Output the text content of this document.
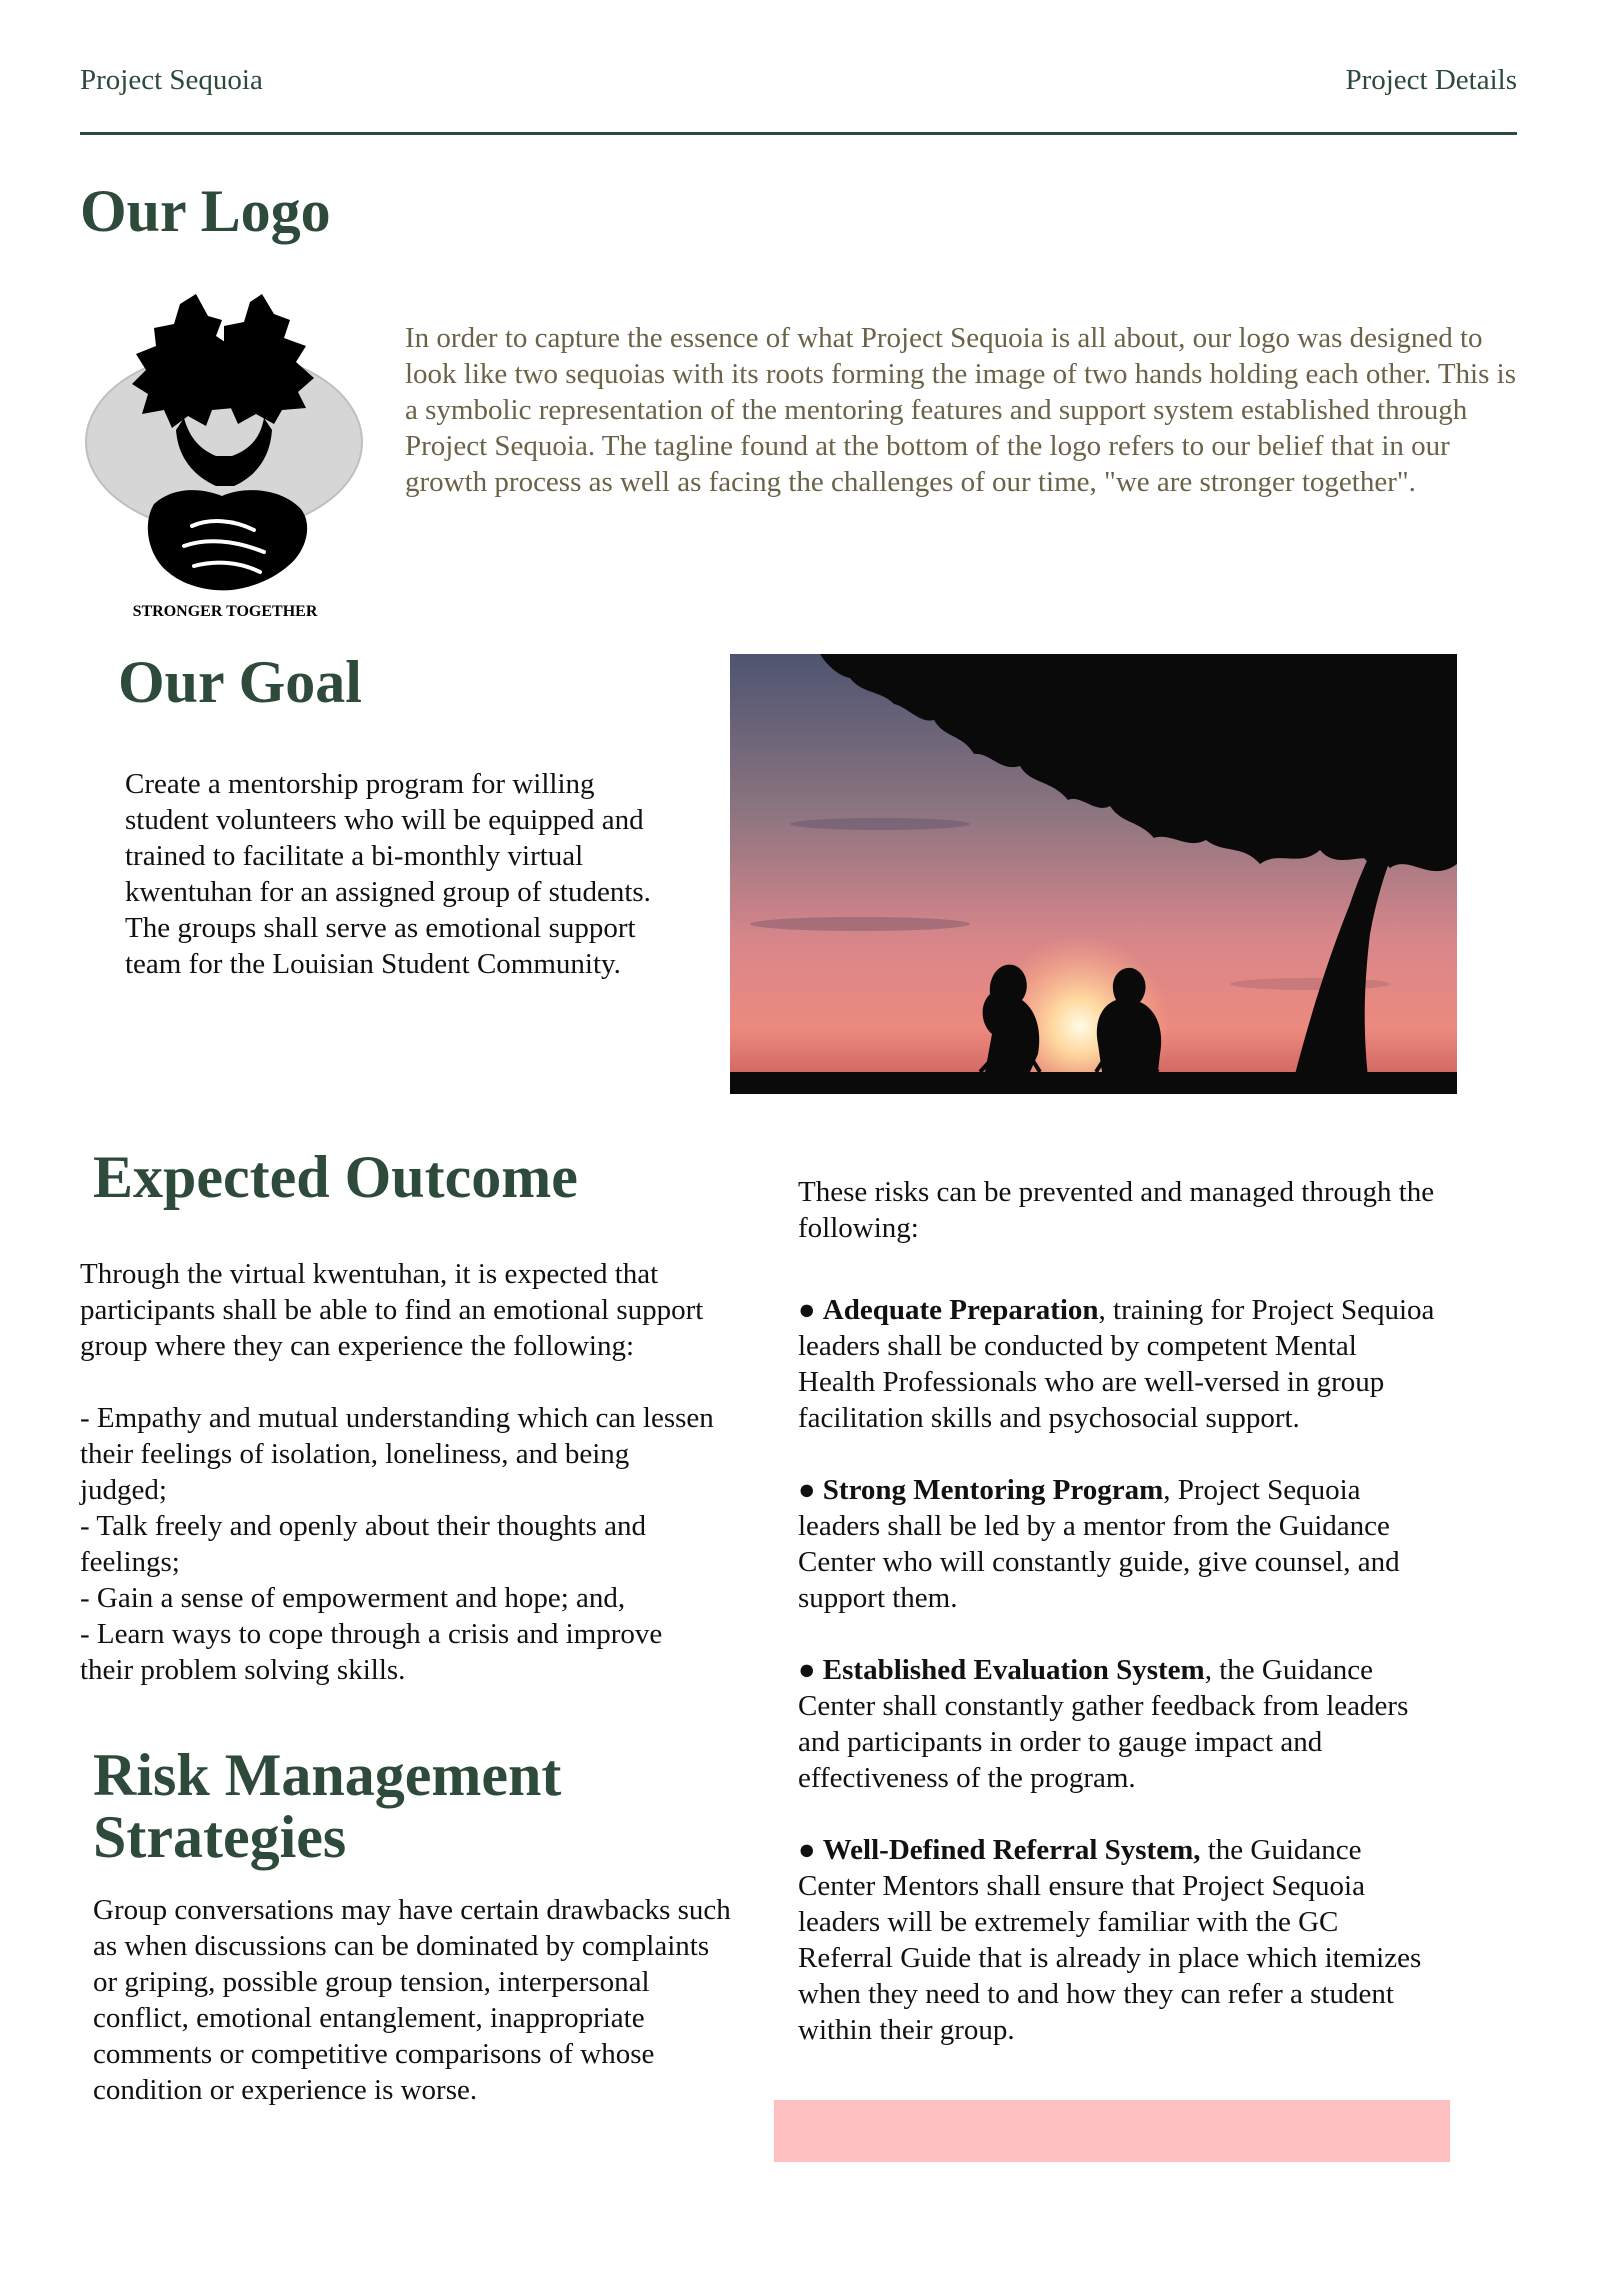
Project Sequoia	Project Details
Our Logo
STRONGER TOGETHER
In order to capture the essence of what Project Sequoia is all about, our logo was designed to look like two sequoias with its roots forming the image of two hands holding each other. This is a symbolic representation of the mentoring features and support system established through Project Sequoia. The tagline found at the bottom of the logo refers to our belief that in our growth process as well as facing the challenges of our time, "we are stronger together".
Our Goal
Create a mentorship program for willing student volunteers who will be equipped and trained to facilitate a bi-monthly virtual kwentuhan for an assigned group of students. The groups shall serve as emotional support team for the Louisian Student Community.
Expected Outcome
Through the virtual kwentuhan, it is expected that participants shall be able to find an emotional support group where they can experience the following:
- Empathy and mutual understanding which can lessen their feelings of isolation, loneliness, and being judged;
- Talk freely and openly about their thoughts and feelings;
- Gain a sense of empowerment and hope; and,
- Learn ways to cope through a crisis and improve their problem solving skills.
Risk Management
Strategies
Group conversations may have certain drawbacks such as when discussions can be dominated by complaints or griping, possible group tension, interpersonal conflict, emotional entanglement, inappropriate comments or competitive comparisons of whose condition or experience is worse.
These risks can be prevented and managed through the following:
● Adequate Preparation, training for Project Sequioa leaders shall be conducted by competent Mental Health Professionals who are well-versed in group facilitation skills and psychosocial support.
● Strong Mentoring Program, Project Sequoia leaders shall be led by a mentor from the Guidance Center who will constantly guide, give counsel, and support them.
● Established Evaluation System, the Guidance Center shall constantly gather feedback from leaders and participants in order to gauge impact and effectiveness of the program.
● Well-Defined Referral System, the Guidance Center Mentors shall ensure that Project Sequoia leaders will be extremely familiar with the GC Referral Guide that is already in place which itemizes when they need to and how they can refer a student within their group.
